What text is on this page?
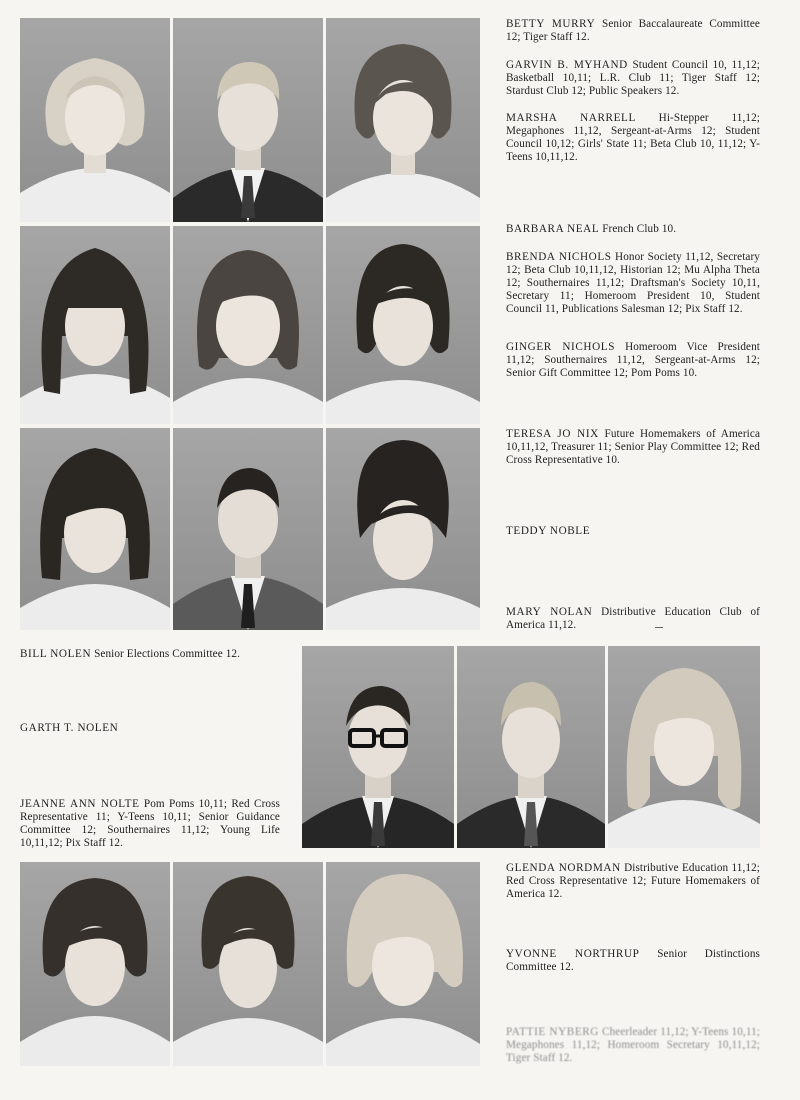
BETTY MURRY Senior Baccalaureate Committee 12; Tiger Staff 12.
GARVIN B. MYHAND Student Council 10, 11,12; Basketball 10,11; L.R. Club 11; Tiger Staff 12; Stardust Club 12; Public Speakers 12.
MARSHA NARRELL Hi-Stepper 11,12; Megaphones 11,12, Sergeant-at-Arms 12; Student Council 10,12; Girls' State 11; Beta Club 10, 11,12; Y-Teens 10,11,12.
BARBARA NEAL French Club 10.
BRENDA NICHOLS Honor Society 11,12, Secretary 12; Beta Club 10,11,12, Historian 12; Mu Alpha Theta 12; Southernaires 11,12; Draftsman's Society 10,11, Secretary 11; Homeroom President 10, Student Council 11, Publications Salesman 12; Pix Staff 12.
GINGER NICHOLS Homeroom Vice President 11,12; Southernaires 11,12, Sergeant-at-Arms 12; Senior Gift Committee 12; Pom Poms 10.
TERESA JO NIX Future Homemakers of America 10,11,12, Treasurer 11; Senior Play Committee 12; Red Cross Representative 10.
TEDDY NOBLE
MARY NOLAN Distributive Education Club of America 11,12.
BILL NOLEN Senior Elections Committee 12.
GARTH T. NOLEN
JEANNE ANN NOLTE Pom Poms 10,11; Red Cross Representative 11; Y-Teens 10,11; Senior Guidance Committee 12; Southernaires 11,12; Young Life 10,11,12; Pix Staff 12.
GLENDA NORDMAN Distributive Education 11,12; Red Cross Representative 12; Future Homemakers of America 12.
YVONNE NORTHRUP Senior Distinctions Committee 12.
PATTIE NYBERG Cheerleader 11,12; Y-Teens 10,11; Megaphones 11,12; Homeroom Secretary 10,11,12; Tiger Staff 12.
